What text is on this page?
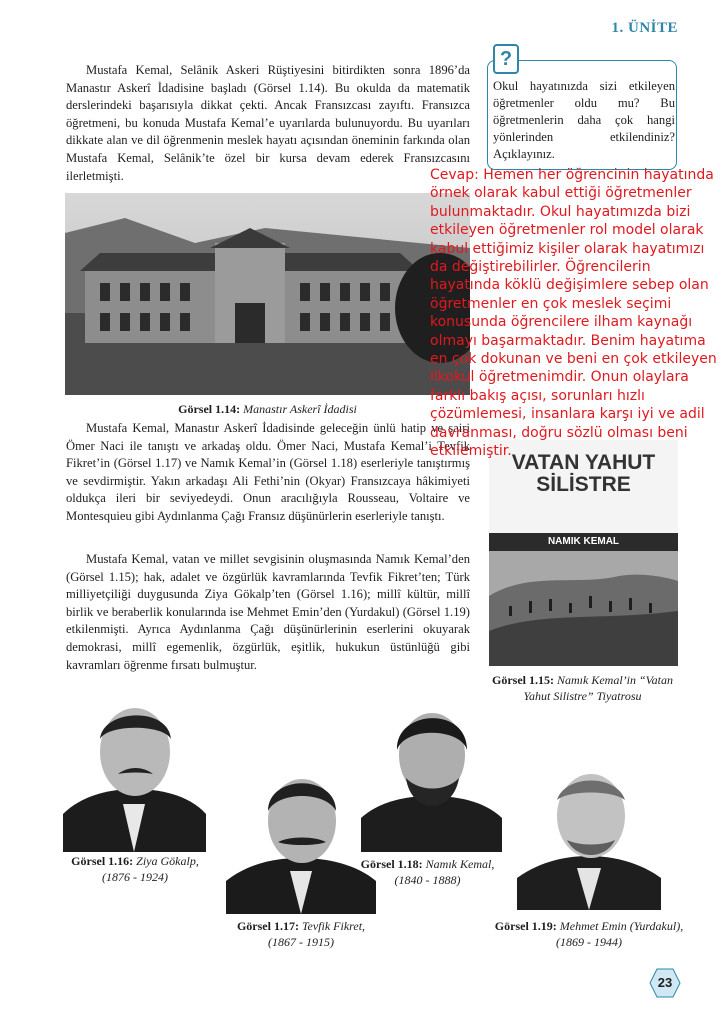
1. ÜNİTE

Mustafa Kemal, Selânik Askeri Rüştiyesini bitirdikten sonra 1896’da Manastır Askerî İdadisine başladı (Görsel 1.14). Bu okulda da matematik derslerindeki başarısıyla dikkat çekti. Ancak Fransızcası zayıftı. Fransızca öğretmeni, bu konuda Mustafa Kemal’e uyarılarda bulunuyordu. Bu uyarıları dikkate alan ve dil öğrenmenin meslek hayatı açısından öneminin farkında olan Mustafa Kemal, Selânik’te özel bir kursa devam ederek Fransızcasını ilerletmişti.

?
Okul hayatınızda sizi etkileyen öğretmenler oldu mu? Bu öğretmenlerin daha çok hangi yönlerinden etkilendiniz? Açıklayınız.
Görsel 1.14: Manastır Askerî İdadisi

Mustafa Kemal, Manastır Askerî İdadisinde geleceğin ünlü hatip ve şairi Ömer Naci ile tanıştı ve arkadaş oldu. Ömer Naci, Mustafa Kemal’i Tevfik Fikret’in (Görsel 1.17) ve Namık Kemal’in (Görsel 1.18) eserleriyle tanıştırmış ve sevdirmiştir. Yakın arkadaşı Ali Fethi’nin (Okyar) Fransızcaya hâkimiyeti oldukça ileri bir seviyedeydi. Onun aracılığıyla Rousseau, Voltaire ve Montesquieu gibi Aydınlanma Çağı Fransız düşünürlerin eserleriyle tanıştı.

Mustafa Kemal, vatan ve millet sevgisinin oluşmasında Namık Kemal’den (Görsel 1.15); hak, adalet ve özgürlük kavramlarında Tevfik Fikret’ten; Türk milliyetçiliği duygusunda Ziya Gökalp’ten (Görsel 1.16); millî kültür, millî birlik ve beraberlik konularında ise Mehmet Emin’den (Yurdakul) (Görsel 1.19) etkilenmişti. Ayrıca Aydınlanma Çağı düşünürlerinin eserlerini okuyarak demokrasi, millî egemenlik, özgürlük, eşitlik, hukukun üstünlüğü gibi kavramları öğrenme fırsatı bulmuştur.

VATAN YAHUT
SİLİSTRE
NAMIK KEMAL
Görsel 1.15: Namık Kemal’in “Vatan Yahut Silistre” Tiyatrosu
Görsel 1.16: Ziya Gökalp,
(1876 - 1924)
Görsel 1.17: Tevfik Fikret,
(1867 - 1915)
Görsel 1.18: Namık Kemal,
(1840 - 1888)
Görsel 1.19: Mehmet Emin (Yurdakul),
(1869 - 1944)
Cevap: Hemen her öğrencinin hayatında örnek olarak kabul ettiği öğretmenler bulunmaktadır. Okul hayatımızda bizi etkileyen öğretmenler rol model olarak kabul ettiğimiz kişiler olarak hayatımızı da değiştirebilirler. Öğrencilerin hayatında köklü değişimlere sebep olan öğretmenler en çok meslek seçimi konusunda öğrencilere ilham kaynağı olmayı başarmaktadır. Benim hayatıma en çok dokunan ve beni en çok etkileyen ilkokul öğretmenimdir. Onun olaylara farklı bakış açısı, sorunları hızlı çözümlemesi, insanlara karşı iyi ve adil davranması, doğru sözlü olması beni etkilemiştir.
23
